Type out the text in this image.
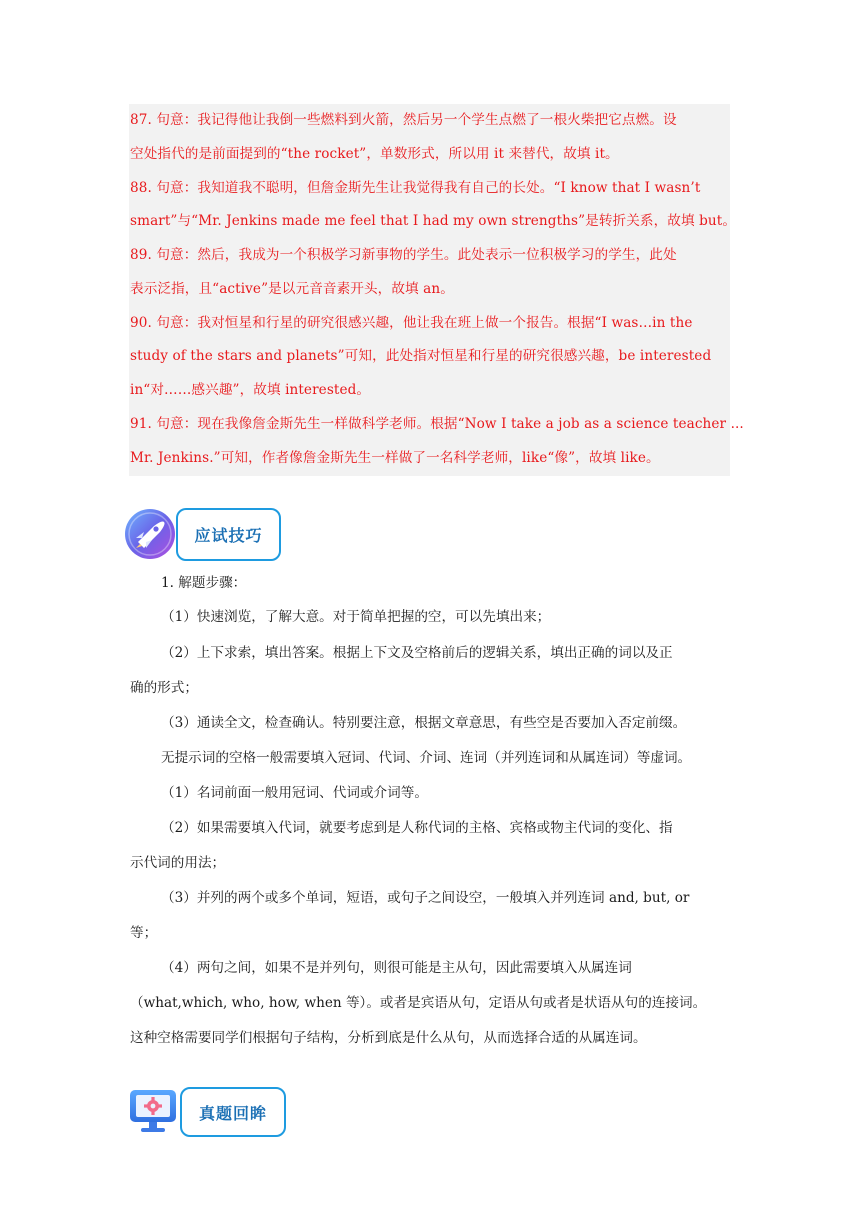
87. 句意：我记得他让我倒一些燃料到火箭，然后另一个学生点燃了一根火柴把它点燃。设
空处指代的是前面提到的“the rocket”，单数形式，所以用 it 来替代，故填 it。
88. 句意：我知道我不聪明，但詹金斯先生让我觉得我有自己的长处。“I know that I wasn’t
smart”与“Mr. Jenkins made me feel that I had my own strengths”是转折关系，故填 but。
89. 句意：然后，我成为一个积极学习新事物的学生。此处表示一位积极学习的学生，此处
表示泛指，且“active”是以元音音素开头，故填 an。
90. 句意：我对恒星和行星的研究很感兴趣，他让我在班上做一个报告。根据“I was…in the
study of the stars and planets”可知，此处指对恒星和行星的研究很感兴趣，be interested
in“对……感兴趣”，故填 interested。
91. 句意：现在我像詹金斯先生一样做科学老师。根据“Now I take a job as a science teacher ...
Mr. Jenkins.”可知，作者像詹金斯先生一样做了一名科学老师，like“像”，故填 like。
应试技巧
1. 解题步骤：
（1）快速浏览，了解大意。对于简单把握的空，可以先填出来；
（2）上下求索，填出答案。根据上下文及空格前后的逻辑关系，填出正确的词以及正
确的形式；
（3）通读全文，检查确认。特别要注意，根据文章意思，有些空是否要加入否定前缀。
无提示词的空格一般需要填入冠词、代词、介词、连词（并列连词和从属连词）等虚词。
（1）名词前面一般用冠词、代词或介词等。
（2）如果需要填入代词，就要考虑到是人称代词的主格、宾格或物主代词的变化、指
示代词的用法；
（3）并列的两个或多个单词，短语，或句子之间设空，一般填入并列连词 and, but, or
等；
（4）两句之间，如果不是并列句，则很可能是主从句，因此需要填入从属连词
（what,which, who, how, when 等）。或者是宾语从句，定语从句或者是状语从句的连接词。
这种空格需要同学们根据句子结构，分析到底是什么从句，从而选择合适的从属连词。
真题回眸
